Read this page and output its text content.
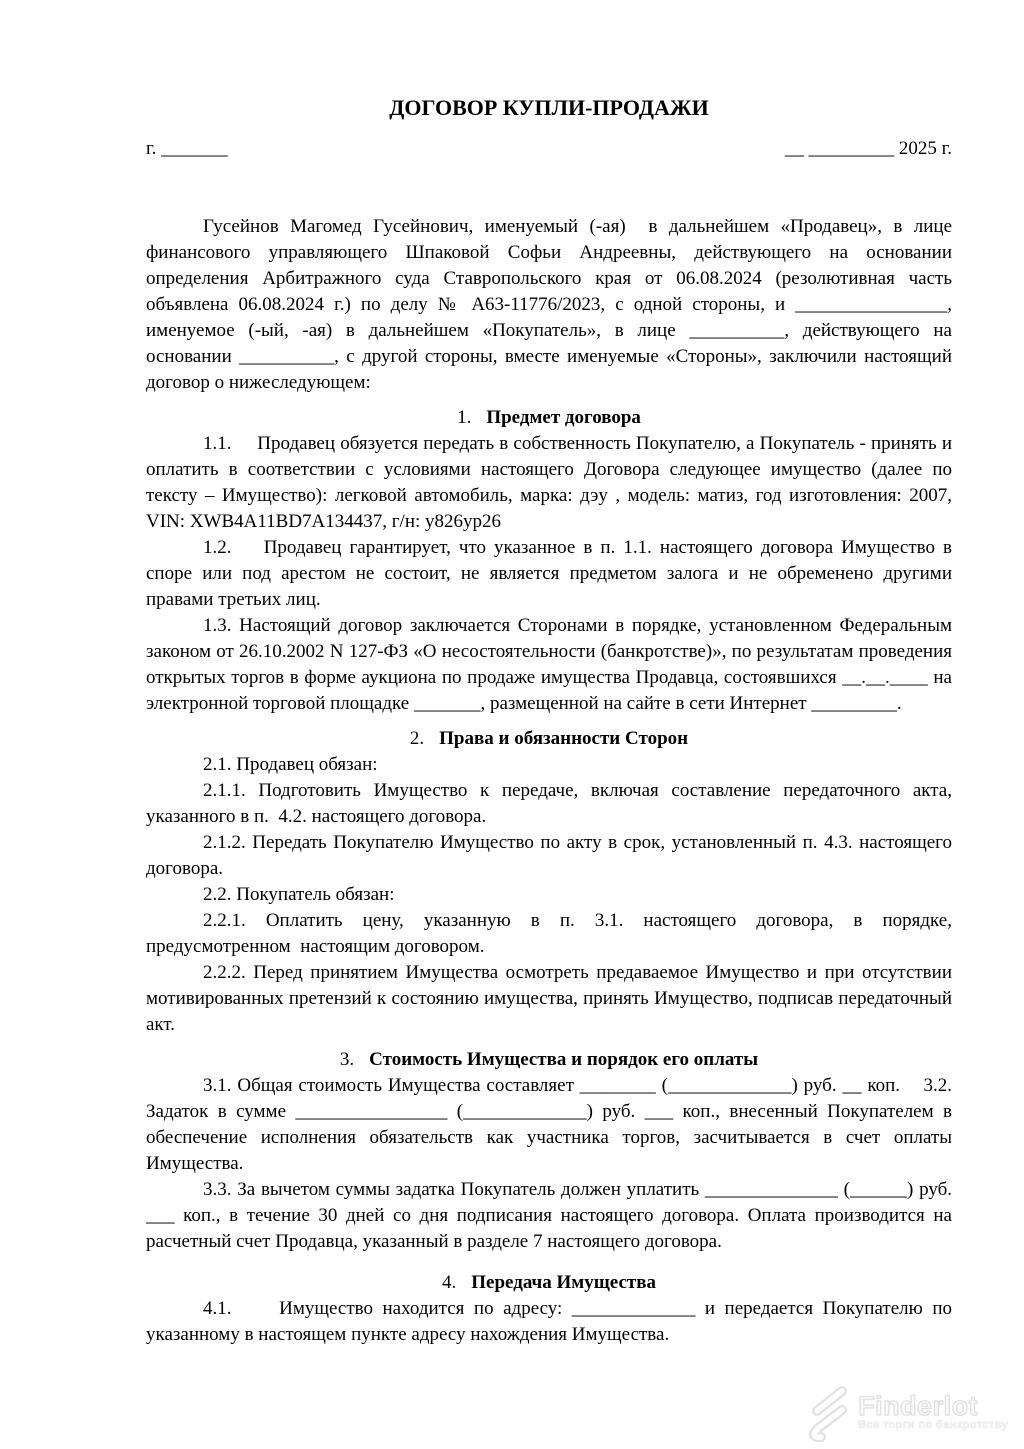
ДОГОВОР КУПЛИ-ПРОДАЖИ
г. _______	__ _________ 2025 г.

Гусейнов Магомед Гусейнович, именуемый (-ая)  в дальнейшем «Продавец», в лице финансового управляющего Шпаковой Софьи Андреевны, действующего на основании определения Арбитражного суда Ставропольского края от 06.08.2024 (резолютивная часть объявлена 06.08.2024 г.) по делу № А63-11776/2023, с одной стороны, и ________________, именуемое (-ый, -ая) в дальнейшем «Покупатель», в лице __________, действующего на основании __________, с другой стороны, вместе именуемые «Стороны», заключили настоящий договор о нижеследующем:

1. Предмет договора

1.1.     Продавец обязуется передать в собственность Покупателю, а Покупатель - принять и оплатить в соответствии с условиями настоящего Договора следующее имущество (далее по тексту – Имущество): легковой автомобиль, марка: дэу , модель: матиз, год изготовления: 2007, VIN: XWB4A11BD7A134437, г/н: у826ур26

1.2.    Продавец гарантирует, что указанное в п. 1.1. настоящего договора Имущество в споре или под арестом не состоит, не является предметом залога и не обременено другими правами третьих лиц.

1.3. Настоящий договор заключается Сторонами в порядке, установленном Федеральным законом от 26.10.2002 N 127-ФЗ «О несостоятельности (банкротстве)», по результатам проведения открытых торгов в форме аукциона по продаже имущества Продавца, состоявшихся __.__.____ на электронной торговой площадке _______, размещенной на сайте в сети Интернет _________.

2. Права и обязанности Сторон

2.1. Продавец обязан:

2.1.1. Подготовить Имущество к передаче, включая составление передаточного акта, указанного в п.  4.2. настоящего договора.

2.1.2. Передать Покупателю Имущество по акту в срок, установленный п. 4.3. настоящего договора.

2.2. Покупатель обязан:

2.2.1. Оплатить цену, указанную в п. 3.1. настоящего договора, в порядке, предусмотренном  настоящим договором.

2.2.2. Перед принятием Имущества осмотреть предаваемое Имущество и при отсутствии мотивированных претензий к состоянию имущества, принять Имущество, подписав передаточный акт.

3. Стоимость Имущества и порядок его оплаты

3.1. Общая стоимость Имущества составляет ________ (_____________) руб. __ коп.    3.2. Задаток в сумме ________________ (_____________) руб. ___ коп., внесенный Покупателем в обеспечение исполнения обязательств как участника торгов, засчитывается в счет оплаты Имущества.

3.3. За вычетом суммы задатка Покупатель должен уплатить ______________ (______) руб. ___ коп., в течение 30 дней со дня подписания настоящего договора. Оплата производится на расчетный счет Продавца, указанный в разделе 7 настоящего договора.

4. Передача Имущества

4.1.     Имущество находится по адресу: _____________ и передается Покупателю по указанному в настоящем пункте адресу нахождения Имущества.

Finderlot
Все торги по банкротству
